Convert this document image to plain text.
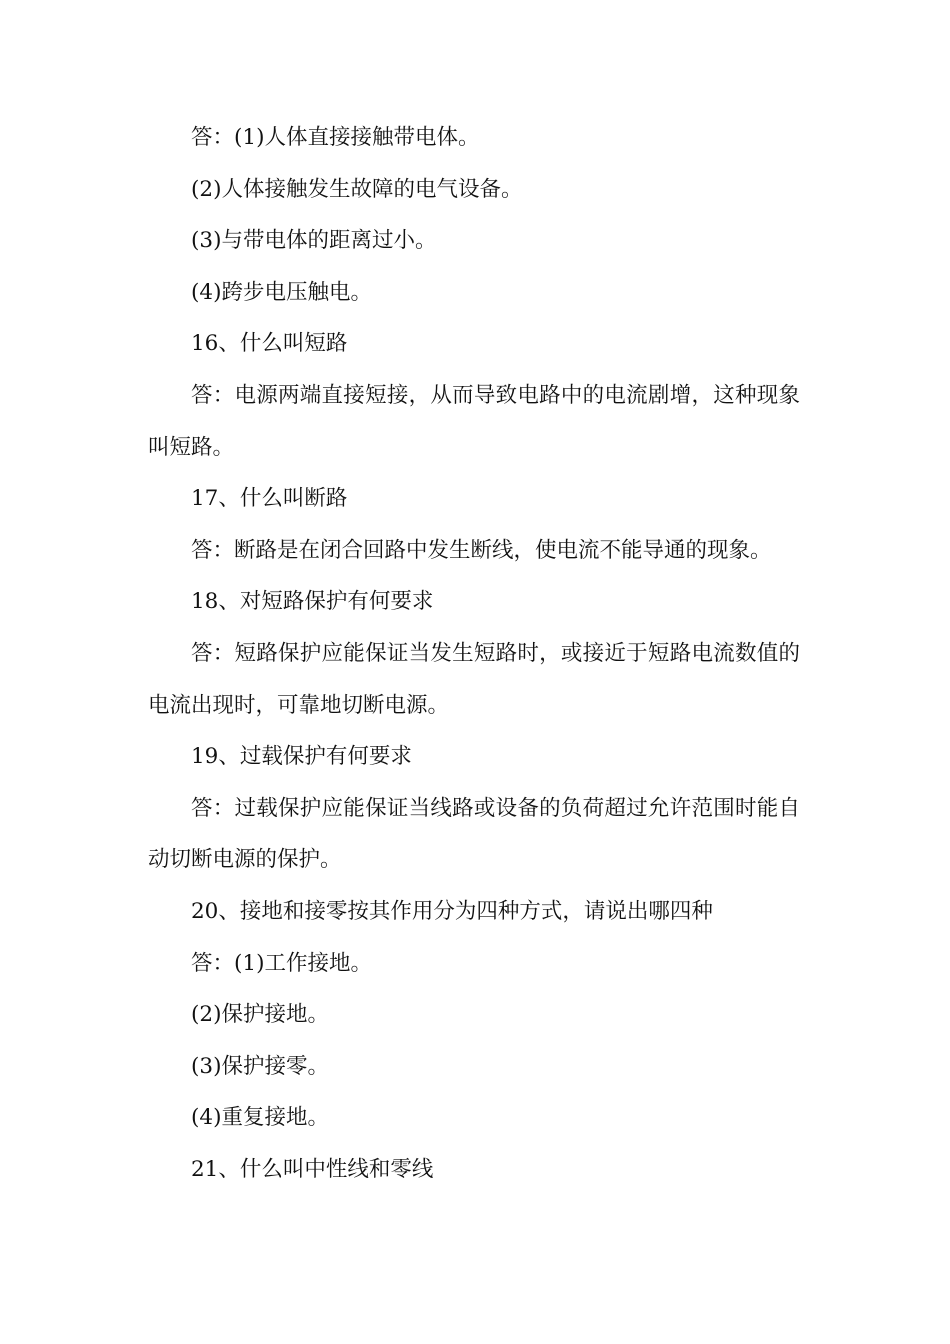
答：(1)人体直接接触带电体。

(2)人体接触发生故障的电气设备。

(3)与带电体的距离过小。

(4)跨步电压触电。

16、什么叫短路

答：电源两端直接短接，从而导致电路中的电流剧增，这种现象叫短路。

17、什么叫断路

答：断路是在闭合回路中发生断线，使电流不能导通的现象。

18、对短路保护有何要求

答：短路保护应能保证当发生短路时，或接近于短路电流数值的电流出现时，可靠地切断电源。

19、过载保护有何要求

答：过载保护应能保证当线路或设备的负荷超过允许范围时能自动切断电源的保护。

20、接地和接零按其作用分为四种方式，请说出哪四种

答：(1)工作接地。

(2)保护接地。

(3)保护接零。

(4)重复接地。

21、什么叫中性线和零线
